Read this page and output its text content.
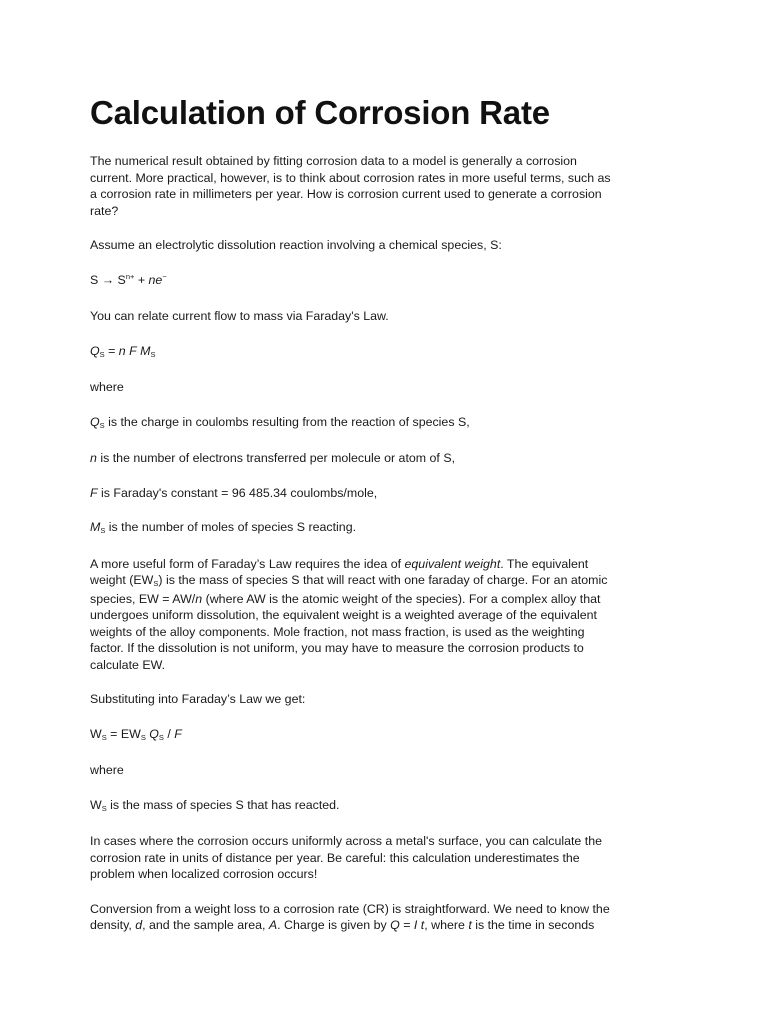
Calculation of Corrosion Rate

The numerical result obtained by fitting corrosion data to a model is generally a corrosion
current. More practical, however, is to think about corrosion rates in more useful terms, such as
a corrosion rate in millimeters per year. How is corrosion current used to generate a corrosion
rate?

Assume an electrolytic dissolution reaction involving a chemical species, S:

$S \to S^{n+} + ne^-$

You can relate current flow to mass via Faraday's Law.

QS = n F MS

where

QS is the charge in coulombs resulting from the reaction of species S,

n is the number of electrons transferred per molecule or atom of S,

F is Faraday's constant = 96 485.34 coulombs/mole,

MS is the number of moles of species S reacting.

A more useful form of Faraday’s Law requires the idea of equivalent weight. The equivalent
weight (EWS) is the mass of species S that will react with one faraday of charge. For an atomic
species, EW = AW/n (where AW is the atomic weight of the species). For a complex alloy that
undergoes uniform dissolution, the equivalent weight is a weighted average of the equivalent
weights of the alloy components. Mole fraction, not mass fraction, is used as the weighting
factor. If the dissolution is not uniform, you may have to measure the corrosion products to
calculate EW.

Substituting into Faraday’s Law we get:

WS = EWS QS / F

where

WS is the mass of species S that has reacted.

In cases where the corrosion occurs uniformly across a metal's surface, you can calculate the
corrosion rate in units of distance per year. Be careful: this calculation underestimates the
problem when localized corrosion occurs!

Conversion from a weight loss to a corrosion rate (CR) is straightforward. We need to know the
density, d, and the sample area, A. Charge is given by Q = I t, where t is the time in seconds
